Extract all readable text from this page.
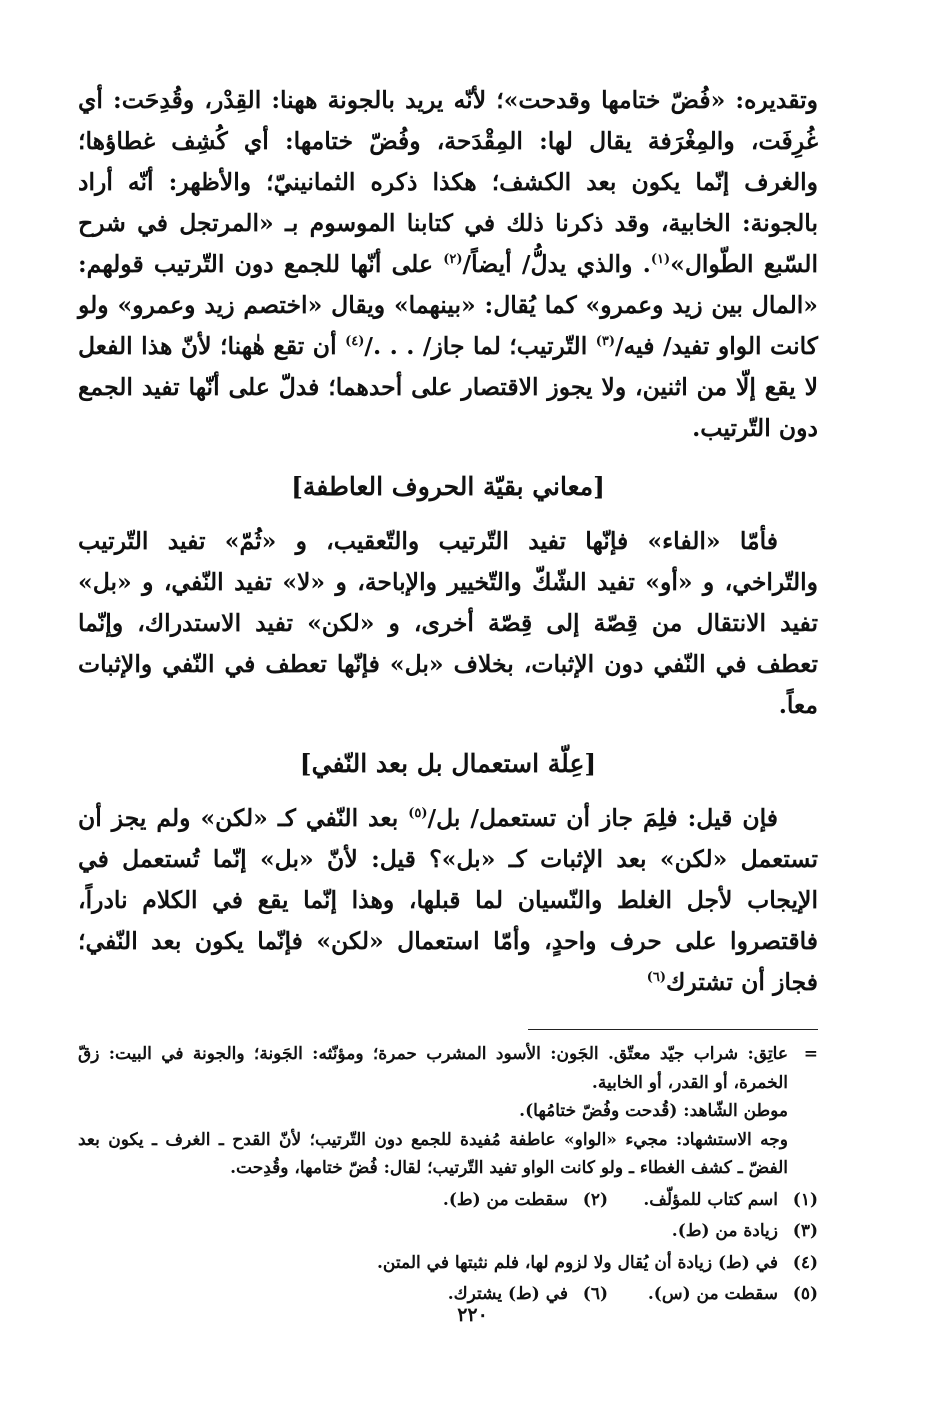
وتقديره: «فُضّ ختامها وقدحت»؛ لأنّه يريد بالجونة ههنا: القِدْر، وقُدِحَت: أي غُرِفَت، والمِغْرَفة يقال لها: المِقْدَحة، وفُضّ ختامها: أي كُشِف غطاؤها؛ والغرف إنّما يكون بعد الكشف؛ هكذا ذكره الثمانينيّ؛ والأظهر: أنّه أراد بالجونة: الخابية، وقد ذكرنا ذلك في كتابنا الموسوم بـ «المرتجل في شرح السّبع الطّوال»$^{(١)}$. والذي يدلُّ/ أيضاً/$^{(٢)}$ على أنّها للجمع دون التّرتيب قولهم: «المال بين زيد وعمرو» كما يُقال: «بينهما» ويقال «اختصم زيد وعمرو» ولو كانت الواو تفيد/ فيه/$^{(٣)}$ التّرتيب؛ لما جاز/ . . ./$^{(٤)}$ أن تقع هٰهنا؛ لأنّ هذا الفعل لا يقع إلّا من اثنين، ولا يجوز الاقتصار على أحدهما؛ فدلّ على أنّها تفيد الجمع دون التّرتيب.

[معاني بقيّة الحروف العاطفة]

فأمّا «الفاء» فإنّها تفيد التّرتيب والتّعقيب، و «ثُمّ» تفيد التّرتيب والتّراخي، و «أو» تفيد الشّكّ والتّخيير والإباحة، و «لا» تفيد النّفي، و «بل» تفيد الانتقال من قِصّة إلى قِصّة أخرى، و «لكن» تفيد الاستدراك، وإنّما تعطف في النّفي دون الإثبات، بخلاف «بل» فإنّها تعطف في النّفي والإثبات معاً.

[عِلّة استعمال بل بعد النّفي]

فإن قيل: فلِمَ جاز أن تستعمل/ بل/$^{(٥)}$ بعد النّفي كـ «لكن» ولم يجز أن تستعمل «لكن» بعد الإثبات كـ «بل»؟ قيل: لأنّ «بل» إنّما تُستعمل في الإيجاب لأجل الغلط والنّسيان لما قبلها، وهذا إنّما يقع في الكلام نادراً، فاقتصروا على حرف واحدٍ، وأمّا استعمال «لكن» فإنّما يكون بعد النّفي؛ فجاز أن تشترك$^{(٦)}$

=

عاتِق: شراب جيّد معتّق. الجَون: الأسود المشرب حمرة؛ ومؤنّثه: الجَونة؛ والجونة في البيت: زقّ الخمرة، أو القدر، أو الخابية.

موطن الشّاهد: (قُدحت وفُضّ ختامُها).

وجه الاستشهاد: مجيء «الواو» عاطفة مُفيدة للجمع دون التّرتيب؛ لأنّ القدح ـ الغرف ـ يكون بعد الفضّ ـ كشف الغطاء ـ ولو كانت الواو تفيد التّرتيب؛ لقال: فُضّ ختامها، وقُدِحت.

(١)
اسم كتاب للمؤلّف.
(٢)
سقطت من (ط).
(٣)
زيادة من (ط).
(٤)
في (ط) زيادة أن يُقال ولا لزوم لها، فلم نثبتها في المتن.
(٥)
سقطت من (س).
(٦)
في (ط) يشترك.
٢٢٠
